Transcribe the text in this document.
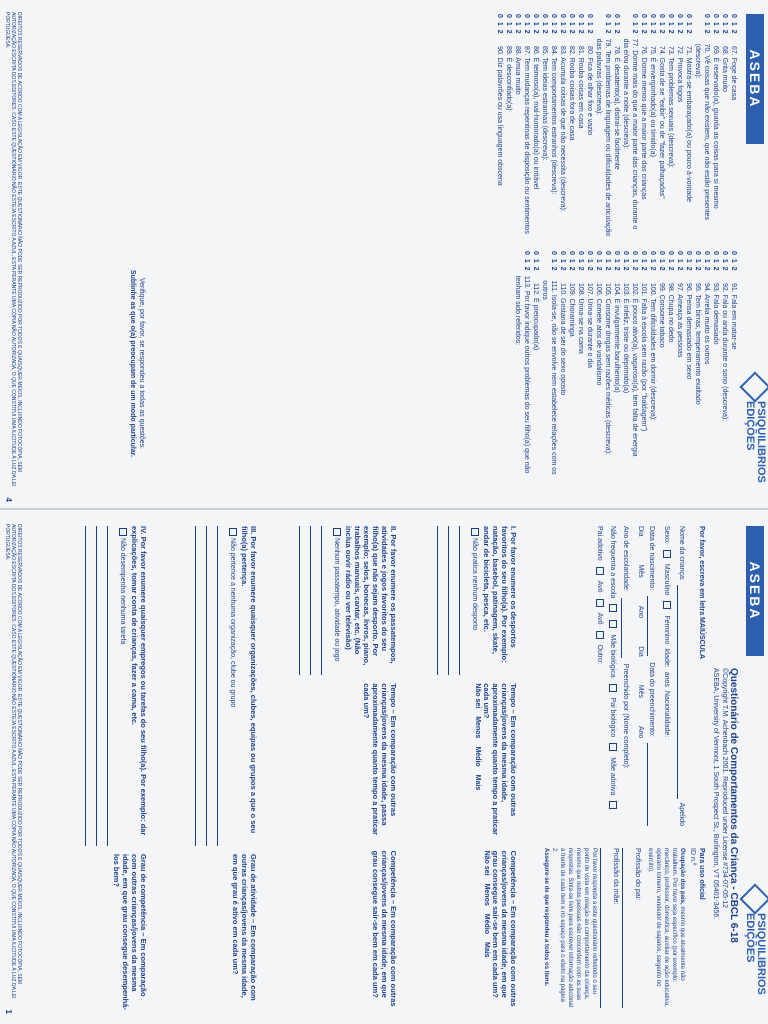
ASEBA
PSIQUILIBRIOS
EDIÇÕES
0 1 2
67. Foge de casa
0 1 2
68. Grita muito
0 1 2
69. É reservado(a), guarda as coisas para si mesmo
0 1 2
70. Vê coisas que não existem, que não estão presentes (descreva):
0 1 2
71. Mostra-se embaraçado(a) ou pouco à-vontade
0 1 2
72. Provoca fogos
0 1 2
73. Tem problemas sexuais (descreva):
0 1 2
74. Gosta de se "exibir" ou de "fazer palhaçadas"
0 1 2
75. É envergonhado(a) ou tímido(a)
0 1 2
76. Dorme menos que a maior parte das crianças
0 1 2
77. Dorme mais do que a maior parte das crianças, durante o dia e/ou durante a noite (descreva):
0 1 2
78. É desatento(a), distrai-se facilmente
0 1 2
79. Tem problemas de linguagem ou dificuldades de articulação das palavras (descreva):
0 1 2
80. Fica de olhar fixo e vazio
0 1 2
81. Rouba coisas em casa
0 1 2
82. Rouba coisas fora de casa
0 1 2
83. Acumula coisas de que não necessita (descreva):
0 1 2
84. Tem comportamentos estranhos (descreva):
0 1 2
85. Tem ideias estranhas (descreva):
0 1 2
86. É teimoso(a), mal-humorado(a) ou irritável
0 1 2
87. Tem mudanças repentinas de disposição ou sentimentos
0 1 2
88. Amua muito
0 1 2
89. É desconfiado(a)
0 1 2
90. Diz palavrões ou usa linguagem obscena
0 1 2
91. Fala em matar-se
0 1 2
92. Fala ou anda durante o sono (descreva):
0 1 2
93. Fala demasiado
0 1 2
94. Arrelia muito os outros
0 1 2
95. Tem birras, temperamento exaltado
0 1 2
96. Pensa demasiado em sexo
0 1 2
97. Ameaça as pessoas
0 1 2
98. Chupa no dedo
0 1 2
99. Consome tabaco
0 1 2
100. Tem dificuldades em dormir (descreva):
0 1 2
101. Falta à escola sem razão (por "baldagem")
0 1 2
102. É pouco ativo(a), vagaroso(a), tem falta de energia
0 1 2
103. É infeliz, triste ou deprimido(a)
0 1 2
104. É invulgarmente barulhento(a)
0 1 2
105. Consome drogas sem razões médicas (descreva):
0 1 2
106. Comete atos de vandalismo
0 1 2
107. Urina-se durante o dia
0 1 2
108. Urina-se na cama
0 1 2
109. Choraminga
0 1 2
110. Gostaria de ser do sexo oposto
0 1 2
111. Isola-se, não se envolve nem estabelece relações com os outros
0 1 2
112. É preocupado(a)
0 1 2
113. Por favor indique outros problemas do seu filho(a) que não tenham sido referidos:
Verifique, por favor, se respondeu a todas as questões.
Sublinhe as que o(a) preocupam de um modo particular.
DIREITOS RESERVADOS DE ACORDO COM A LEGISLAÇÃO EM VIGOR. ESTE QUESTIONÁRIO NÃO PODE SER REPRODUZIDO POR TODOS E QUAISQUER MEIOS, INCLUINDO FOTOCÓPIA, SEM AUTORIZAÇÃO ESCRITA DOS EDITORES. CASO ESTE QUESTIONÁRIO NÃO ESTEJA ESCRITO A AZUL, ESTA PERANTE UMA CÓPIA NÃO AUTORIZADA, O QUE CONSTITUI UMA ILICITUDE À LUZ DA LEI PORTUGUESA.
4
ASEBA
PSIQUILIBRIOS
EDIÇÕES
Questionário de Comportamentos da Criança - CBCL 6-18
©Copyright T.M. Achenbach 2001. Reproduced under License #734-07-05-12
ASEBA, University of Vermont, 1 South Prospect St., Burlington, VT 05401-3456.
Por favor, escreva em letra MAIÚSCULA
Para uso oficial
ID n.º
Nome da criança:
Apelido
Sexo:
Masculino
Feminino
Idade:
anos
Nacionalidade:
Data de nascimento:
Data do preenchimento:
Dia
Mês
Ano
Dia
Mês
Ano
Ano de escolaridade:
Preenchido por (Nome completo):
Não frequenta a escola
Mãe biológica
Pai biológico
Mãe adotiva
Pai adotivo
Avó
Avô
Outro:
Ocupação dos pais, mesmo que atualmente não trabalhem. Por favor seja específico (por exemplo: mecânico, professor, doméstica, auxiliar de ação educativa, operário torneiro, vendedor de sapatos, sargento no exército).
Profissão do pai:
Profissão da mãe:
Por favor responda a este questionário refletindo o seu ponto de vista em relação ao comportamento da criança, mesmo que outras pessoas não concordem com as suas respostas. Sinta-se livre para escrever informação adicional à frente de cada item e no espaço para o efeito na página 2.
Assegure-se de que respondeu a todos os itens.
I. Por favor enumere os desportos favoritos do seu filho(a). Por exemplo: natação, basebol, patinagem, skate, andar de bicicleta, pesca, etc.
Não pratica nenhum desporto
Tempo – Em comparação com outras crianças/jovens da mesma idade, aproximadamente quanto tempo a praticar cada um?
Não sei
Menos
Médio
Mais
Competência – Em comparação com outras crianças/jovens da mesma idade, em que grau consegue sair-se bem em cada um?
Não sei
Menos
Médio
Mais
II. Por favor enumere os passatempos, atividades e jogos favoritos do seu filho(a) que não sejam desporto. Por exemplo: selos, bonecas, livros, piano, trabalhos manuais, cantar, etc. (Não inclua ouvir rádio ou ver televisão)
Nenhum passatempo, atividade ou jogo
Tempo – Em comparação com outras crianças/jovens da mesma idade, passa aproximadamente quanto tempo a praticar cada um?
Competência – Em comparação com outras crianças/jovens da mesma idade, em que grau consegue sair-se bem em cada um?
III. Por favor enumere quaisquer organizações, clubes, equipas ou grupos a que o seu filho(a) pertença.
Não pertence a nenhuma organização, clube ou grupo
Grau de atividade – Em comparação com outras crianças/jovens da mesma idade, em que grau é ativo em cada um?
IV. Por favor enumere quaisquer empregos ou tarefas do seu filho(a). Por exemplo: dar explicações, tomar conta de crianças, fazer a cama, etc.
Não desempenha nenhuma tarefa
Grau de competência – Em comparação com outras crianças/jovens da mesma idade, em que grau consegue desempenhá-los bem?
DIREITOS RESERVADOS DE ACORDO COM A LEGISLAÇÃO EM VIGOR. ESTE QUESTIONÁRIO NÃO PODE SER REPRODUZIDO POR TODOS E QUAISQUER MEIOS, INCLUINDO FOTOCÓPIA, SEM AUTORIZAÇÃO ESCRITA DOS EDITORES. CASO ESTE QUESTIONÁRIO NÃO ESTEJA ESCRITO A AZUL, ESTA PERANTE UMA CÓPIA NÃO AUTORIZADA, O QUE CONSTITUI UMA ILICITUDE À LUZ DA LEI PORTUGUESA.
1
